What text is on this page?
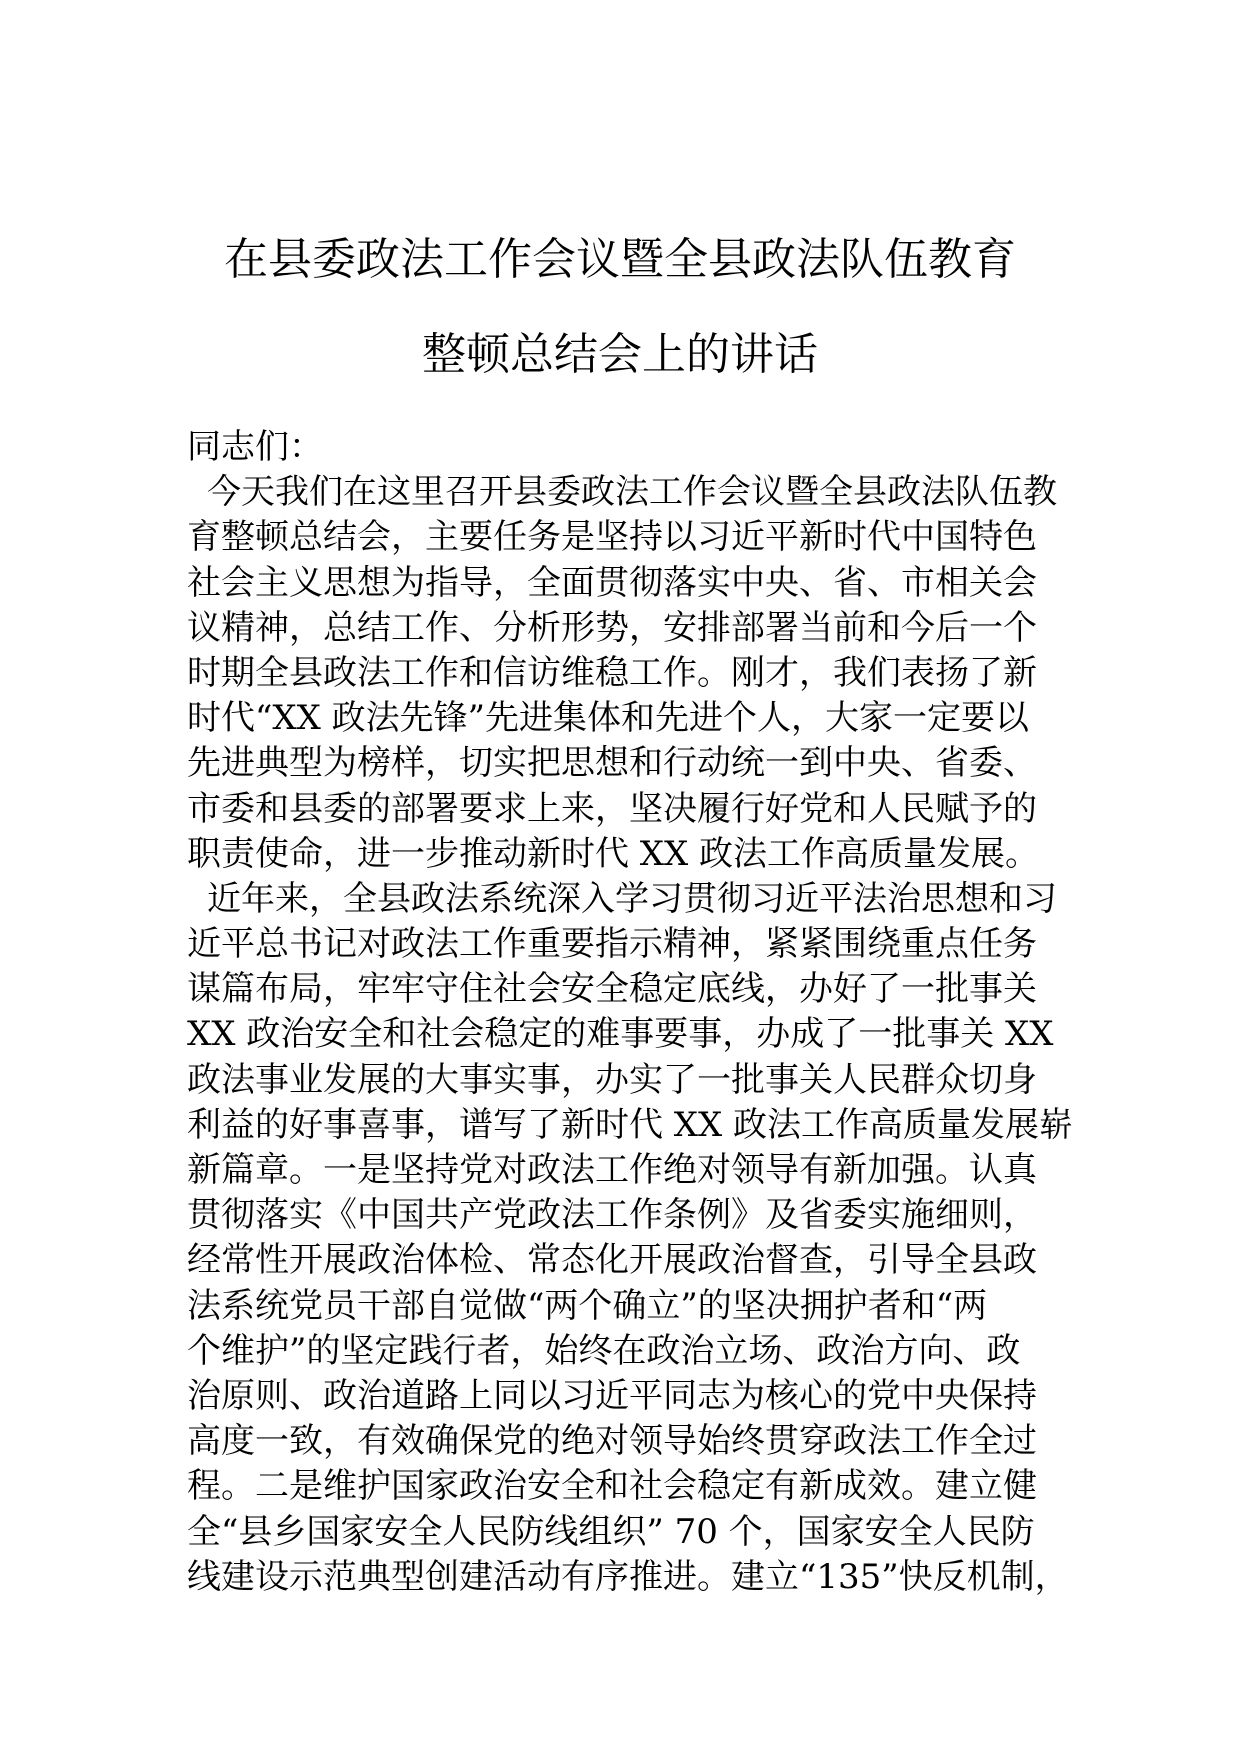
在县委政法工作会议暨全县政法队伍教育
整顿总结会上的讲话
同志们：
今天我们在这里召开县委政法工作会议暨全县政法队伍教
育整顿总结会，主要任务是坚持以习近平新时代中国特色
社会主义思想为指导，全面贯彻落实中央、省、市相关会
议精神，总结工作、分析形势，安排部署当前和今后一个
时期全县政法工作和信访维稳工作。刚才，我们表扬了新
时代“XX 政法先锋”先进集体和先进个人，大家一定要以
先进典型为榜样，切实把思想和行动统一到中央、省委、
市委和县委的部署要求上来，坚决履行好党和人民赋予的
职责使命，进一步推动新时代 XX 政法工作高质量发展。
近年来，全县政法系统深入学习贯彻习近平法治思想和习
近平总书记对政法工作重要指示精神，紧紧围绕重点任务
谋篇布局，牢牢守住社会安全稳定底线，办好了一批事关
XX 政治安全和社会稳定的难事要事，办成了一批事关 XX
政法事业发展的大事实事，办实了一批事关人民群众切身
利益的好事喜事，谱写了新时代 XX 政法工作高质量发展崭
新篇章。一是坚持党对政法工作绝对领导有新加强。认真
贯彻落实《中国共产党政法工作条例》及省委实施细则，
经常性开展政治体检、常态化开展政治督查，引导全县政
法系统党员干部自觉做“两个确立”的坚决拥护者和“两
个维护”的坚定践行者，始终在政治立场、政治方向、政
治原则、政治道路上同以习近平同志为核心的党中央保持
高度一致，有效确保党的绝对领导始终贯穿政法工作全过
程。二是维护国家政治安全和社会稳定有新成效。建立健
全“县乡国家安全人民防线组织” 70 个，国家安全人民防
线建设示范典型创建活动有序推进。建立“135”快反机制，
